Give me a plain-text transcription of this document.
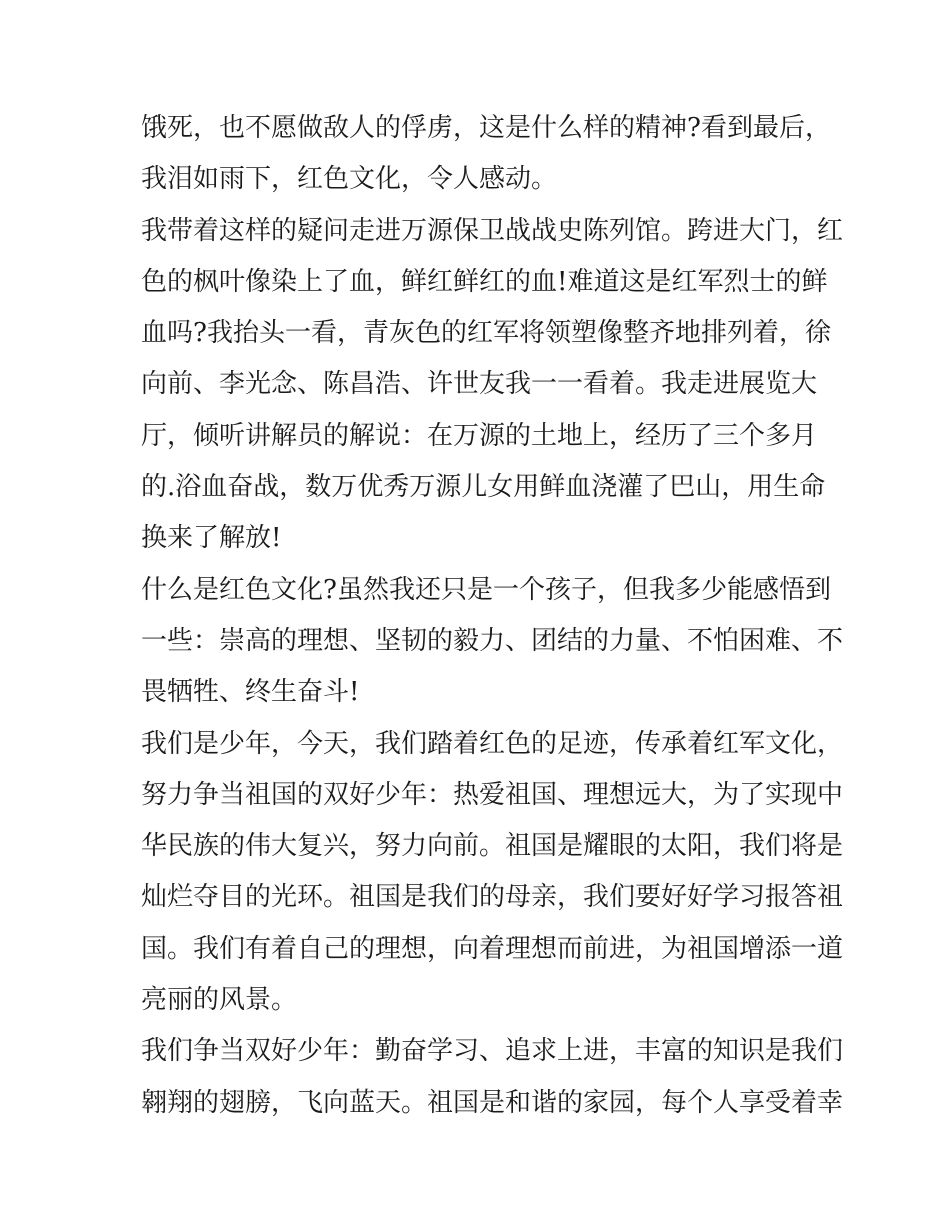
饿死，也不愿做敌人的俘虏，这是什么样的精神?看到最后，
我泪如雨下，红色文化，令人感动。
我带着这样的疑问走进万源保卫战战史陈列馆。跨进大门，红
色的枫叶像染上了血，鲜红鲜红的血!难道这是红军烈士的鲜
血吗?我抬头一看，青灰色的红军将领塑像整齐地排列着，徐
向前、李光念、陈昌浩、许世友我一一看着。我走进展览大
厅，倾听讲解员的解说：在万源的土地上，经历了三个多月
的.浴血奋战，数万优秀万源儿女用鲜血浇灌了巴山，用生命
换来了解放!
什么是红色文化?虽然我还只是一个孩子，但我多少能感悟到
一些：崇高的理想、坚韧的毅力、团结的力量、不怕困难、不
畏牺牲、终生奋斗!
我们是少年，今天，我们踏着红色的足迹，传承着红军文化，
努力争当祖国的双好少年：热爱祖国、理想远大，为了实现中
华民族的伟大复兴，努力向前。祖国是耀眼的太阳，我们将是
灿烂夺目的光环。祖国是我们的母亲，我们要好好学习报答祖
国。我们有着自己的理想，向着理想而前进，为祖国增添一道
亮丽的风景。
我们争当双好少年：勤奋学习、追求上进，丰富的知识是我们
翱翔的翅膀，飞向蓝天。祖国是和谐的家园，每个人享受着幸
